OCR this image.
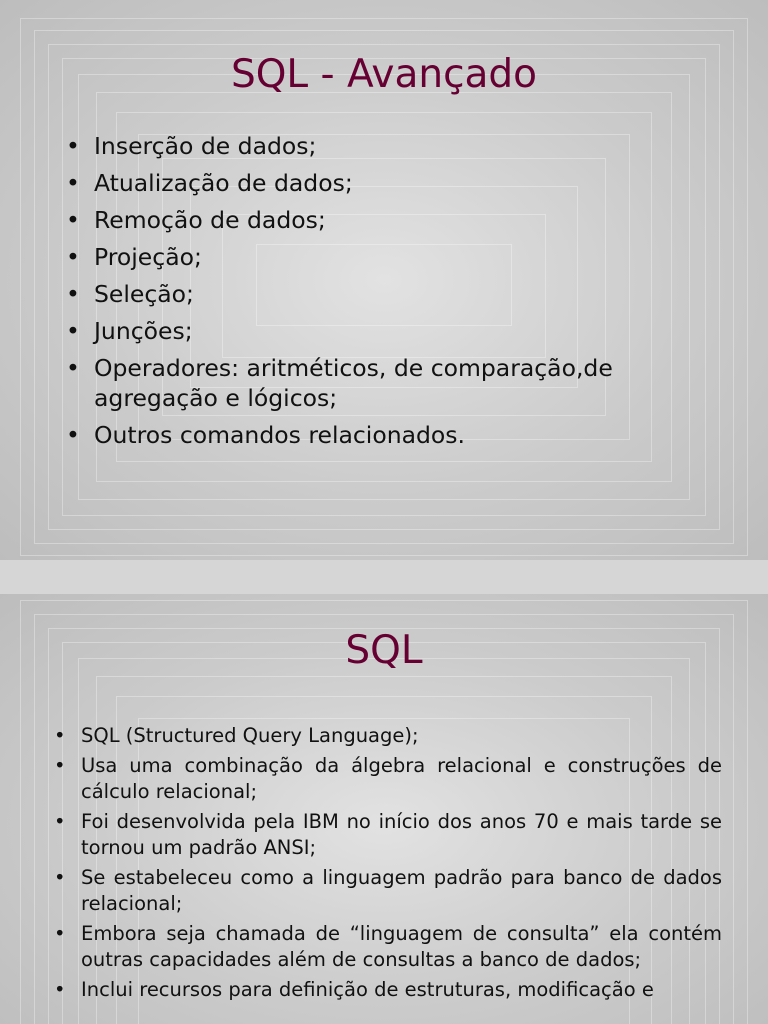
SQL - Avançado
• Inserção de dados;
• Atualização de dados;
• Remoção de dados;
• Projeção;
• Seleção;
• Junções;
• Operadores: aritméticos, de comparação,de agregação e lógicos;
• Outros comandos relacionados.
SQL
• SQL (Structured Query Language);
• Usa uma combinação da álgebra relacional e construções de cálculo relacional;
• Foi desenvolvida pela IBM no início dos anos 70 e mais tarde se tornou um padrão ANSI;
• Se estabeleceu como a linguagem padrão para banco de dados relacional;
• Embora seja chamada de “linguagem de consulta” ela contém outras capacidades além de consultas a banco de dados;
• Inclui recursos para definição de estruturas, modificação e
